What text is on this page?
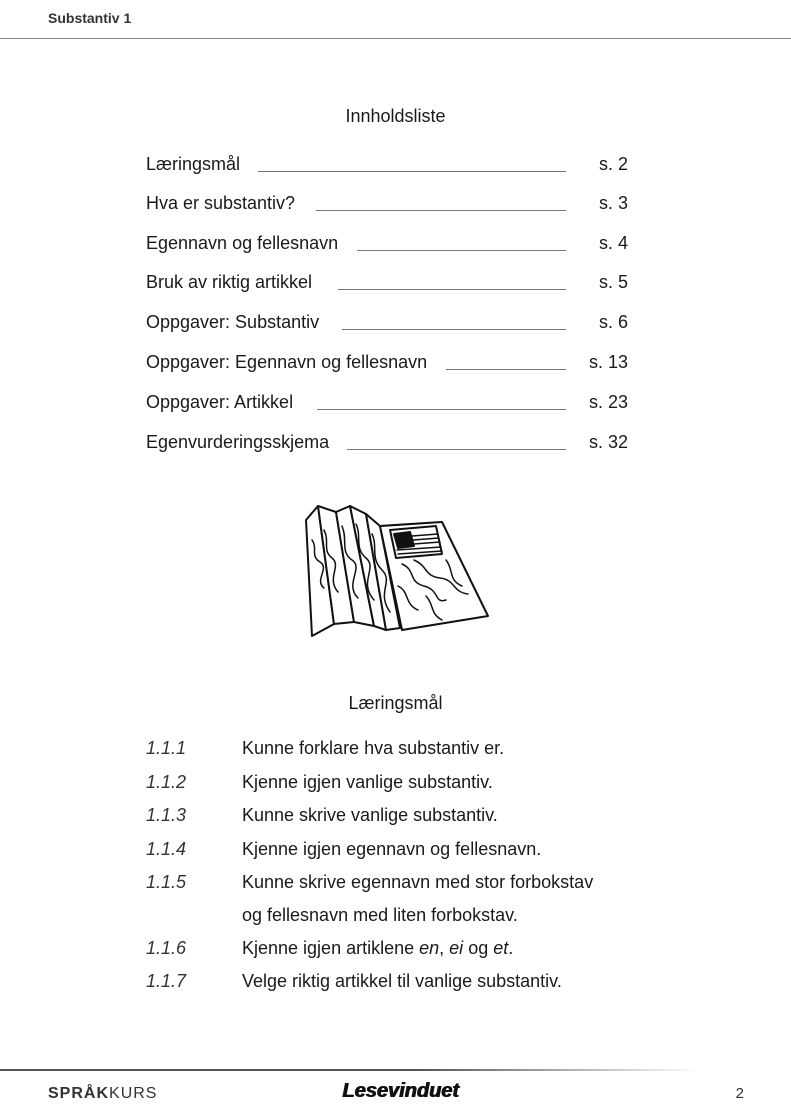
Substantiv 1
Innholdsliste
Læringsmål	s. 2
Hva er substantiv?	s. 3
Egennavn og fellesnavn	s. 4
Bruk av riktig artikkel	s. 5
Oppgaver: Substantiv	s. 6
Oppgaver: Egennavn og fellesnavn	s. 13
Oppgaver: Artikkel	s. 23
Egenvurderingsskjema	s. 32
Læringsmål
1.1.1	Kunne forklare hva substantiv er.
1.1.2	Kjenne igjen vanlige substantiv.
1.1.3	Kunne skrive vanlige substantiv.
1.1.4	Kjenne igjen egennavn og fellesnavn.
1.1.5	Kunne skrive egennavn med stor forbokstav
og fellesnavn med liten forbokstav.
1.1.6	Kjenne igjen artiklene en, ei og et.
1.1.7	Velge riktig artikkel til vanlige substantiv.
SPRÅKKURS	Lesevinduet	2
